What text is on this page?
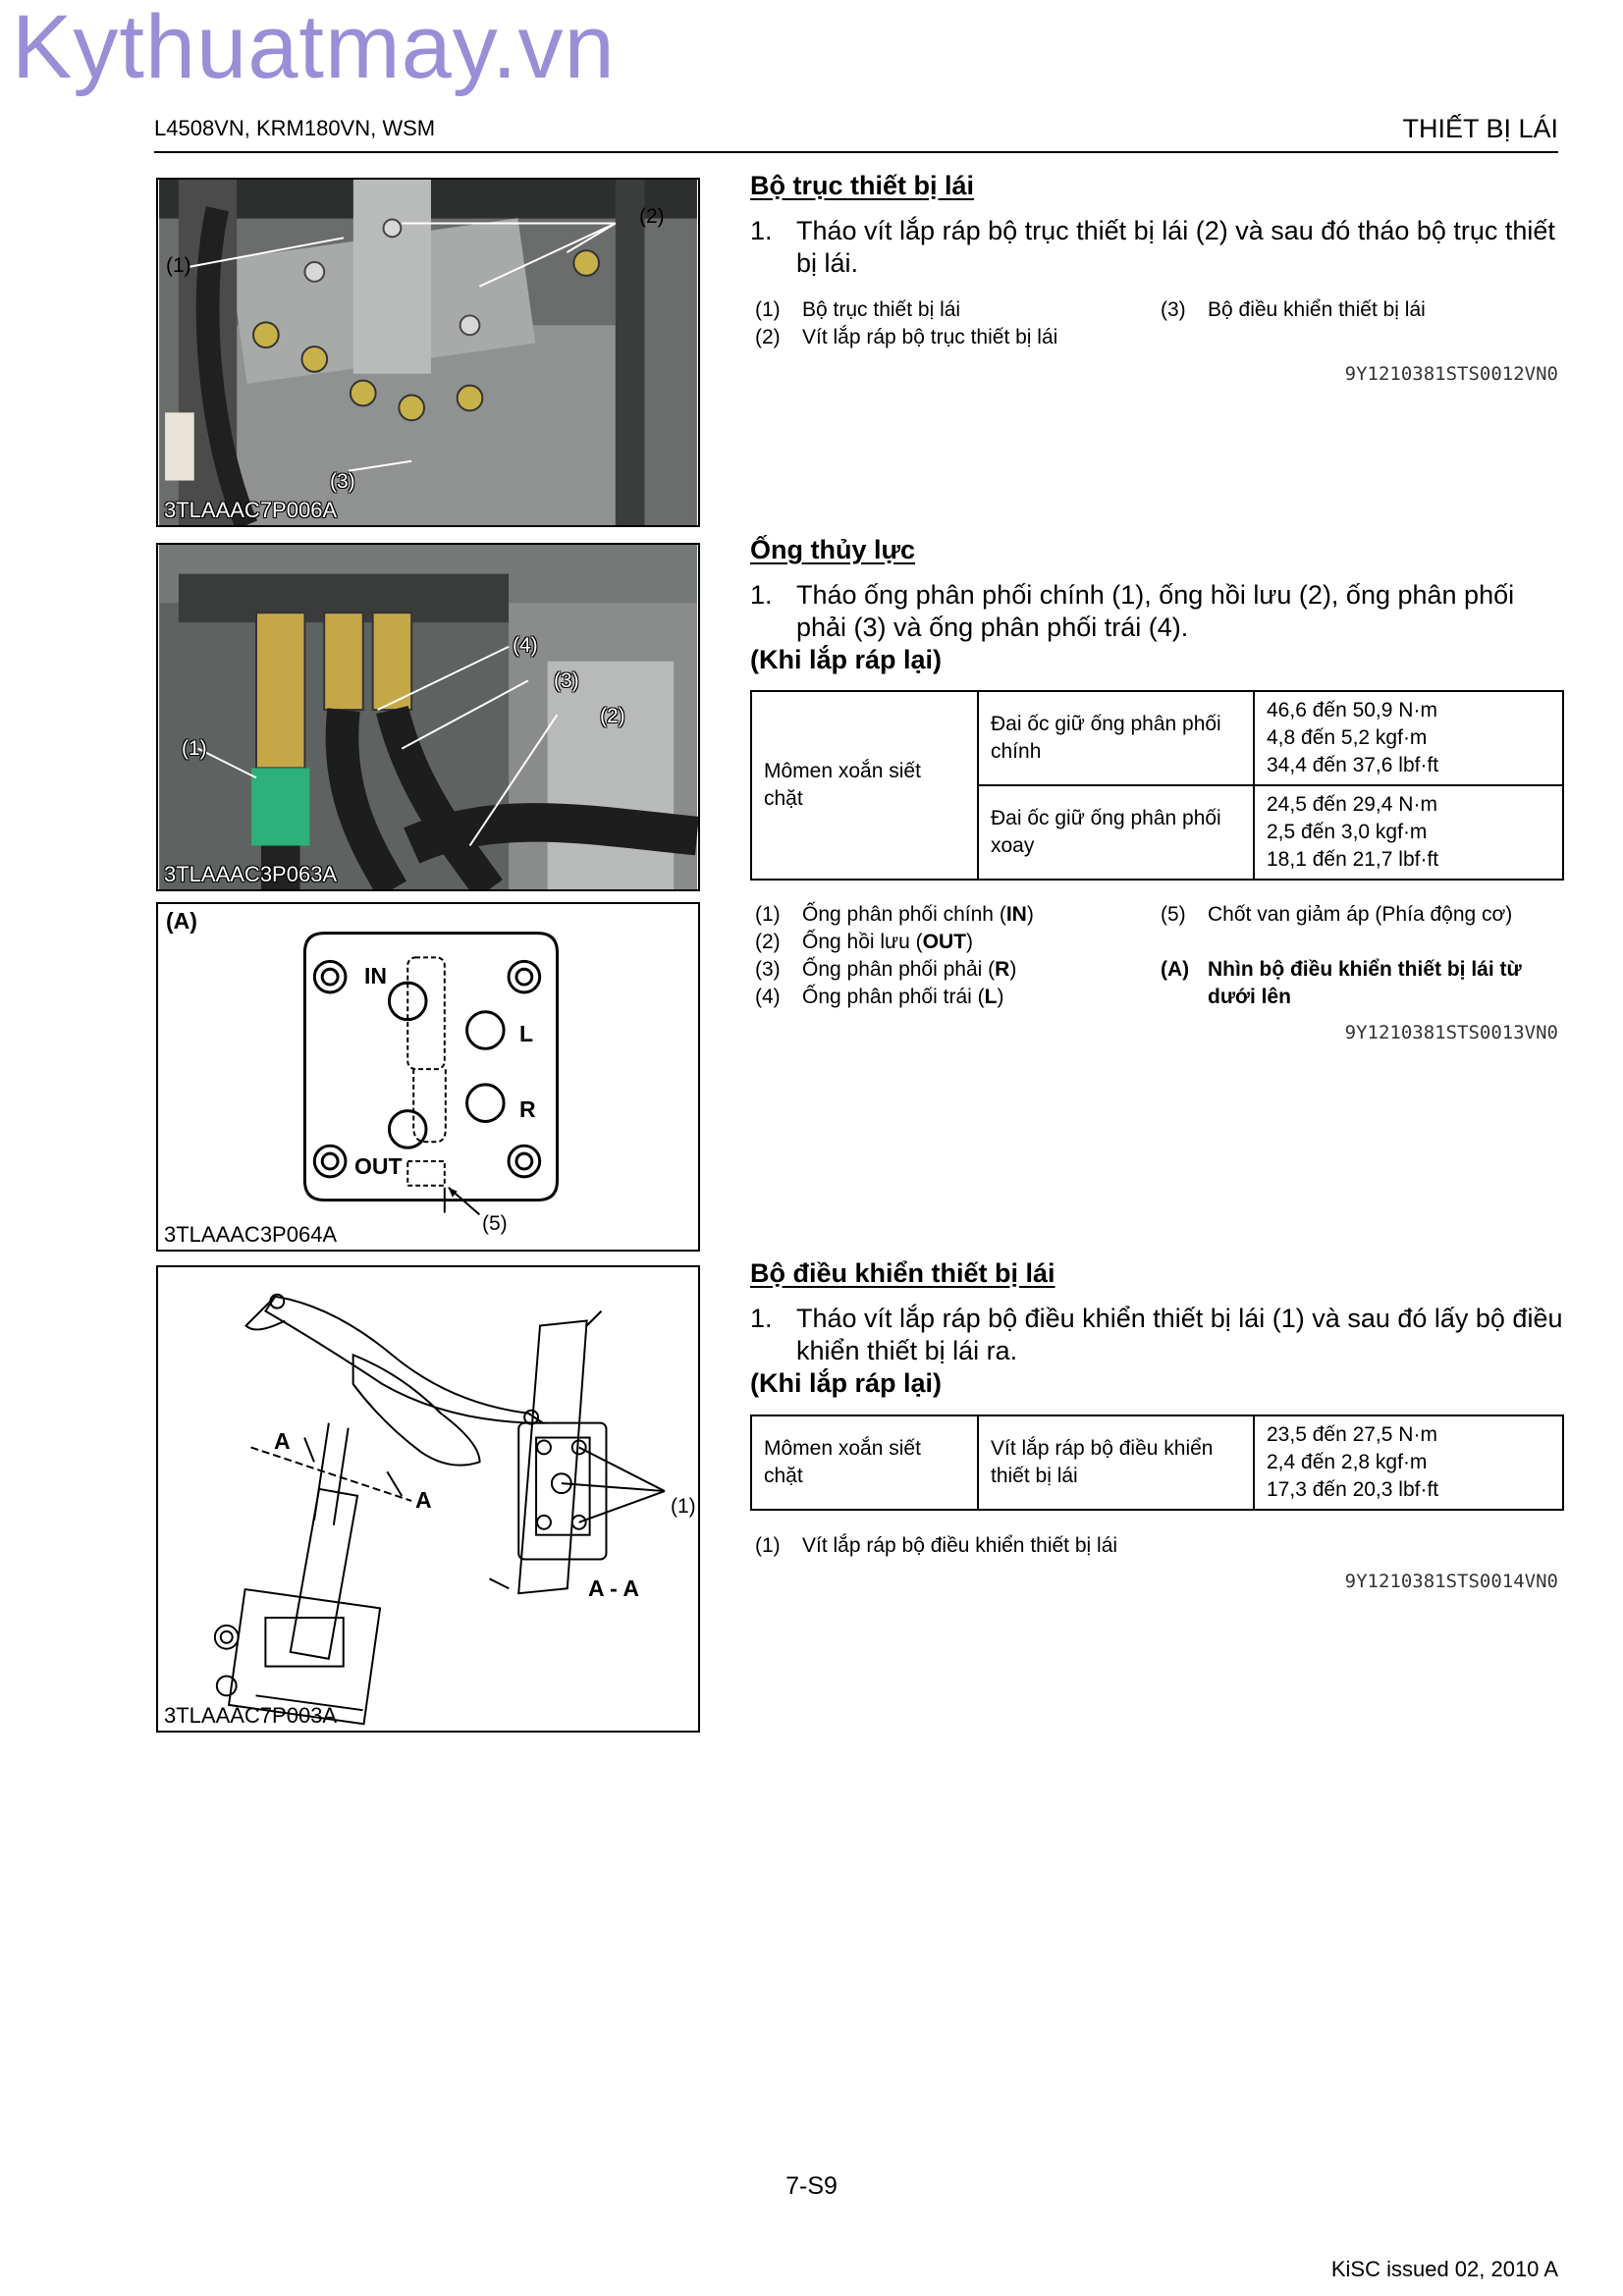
Kythuatmay.vn
L4508VN, KRM180VN, WSM	THIẾT BỊ LÁI
(1)
(2)
(3)
3TLAAAC7P006A
(1)
(2)
(3)
(4)
3TLAAAC3P063A
(A)
IN
L
R
OUT
(5)
3TLAAAC3P064A
A
A
A - A
(1)
3TLAAAC7P003A
Bộ trục thiết bị lái
1. Tháo vít lắp ráp bộ trục thiết bị lái (2) và sau đó tháo bộ trục thiết bị lái.
(1) Bộ trục thiết bị lái
(2) Vít lắp ráp bộ trục thiết bị lái
(3) Bộ điều khiển thiết bị lái
9Y1210381STS0012VN0
Ống thủy lực
1. Tháo ống phân phối chính (1), ống hồi lưu (2), ống phân phối phải (3) và ống phân phối trái (4).
(Khi lắp ráp lại)
Mômen xoắn siết chặt	Đai ốc giữ ống phân phối chính	46,6 đến 50,9 N·m
4,8 đến 5,2 kgf·m
34,4 đến 37,6 lbf·ft

	Đai ốc giữ ống phân phối xoay	24,5 đến 29,4 N·m
2,5 đến 3,0 kgf·m
18,1 đến 21,7 lbf·ft
(1) Ống phân phối chính (IN)
(2) Ống hồi lưu (OUT)
(3) Ống phân phối phải (R)
(4) Ống phân phối trái (L)
(5) Chốt van giảm áp (Phía động cơ)
(A) Nhìn bộ điều khiển thiết bị lái từ
dưới lên
9Y1210381STS0013VN0
Bộ điều khiển thiết bị lái
1. Tháo vít lắp ráp bộ điều khiển thiết bị lái (1) và sau đó lấy bộ điều khiển thiết bị lái ra.
(Khi lắp ráp lại)
Mômen xoắn siết chặt	Vít lắp ráp bộ điều khiển thiết bị lái	
23,5 đến 27,5 N·m
2,4 đến 2,8 kgf·m
17,3 đến 20,3 lbf·ft
(1) Vít lắp ráp bộ điều khiển thiết bị lái
9Y1210381STS0014VN0
7-S9
KiSC issued 02, 2010 A
